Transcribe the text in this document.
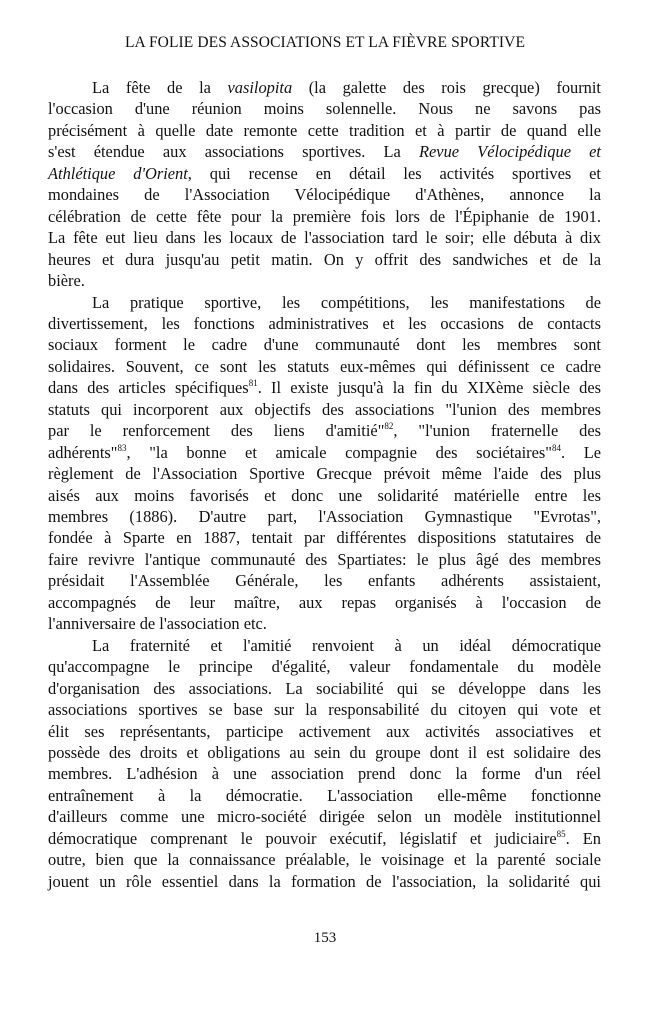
LA FOLIE DES ASSOCIATIONS ET LA FIÈVRE SPORTIVE
La fête de la vasilopita (la galette des rois grecque) fournit
l'occasion d'une réunion moins solennelle. Nous ne savons pas
précisément à quelle date remonte cette tradition et à partir de quand elle
s'est étendue aux associations sportives. La Revue Vélocipédique et
Athlétique d'Orient, qui recense en détail les activités sportives et
mondaines de l'Association Vélocipédique d'Athènes, annonce la
célébration de cette fête pour la première fois lors de l'Épiphanie de 1901.
La fête eut lieu dans les locaux de l'association tard le soir; elle débuta à dix
heures et dura jusqu'au petit matin. On y offrit des sandwiches et de la
bière.
La pratique sportive, les compétitions, les manifestations de
divertissement, les fonctions administratives et les occasions de contacts
sociaux forment le cadre d'une communauté dont les membres sont
solidaires. Souvent, ce sont les statuts eux-mêmes qui définissent ce cadre
dans des articles spécifiques$^{81}$. Il existe jusqu'à la fin du XIXème siècle des
statuts qui incorporent aux objectifs des associations "l'union des membres
par le renforcement des liens d'amitié"$^{82}$, "l'union fraternelle des
adhérents"$^{83}$, "la bonne et amicale compagnie des sociétaires"$^{84}$. Le
règlement de l'Association Sportive Grecque prévoit même l'aide des plus
aisés aux moins favorisés et donc une solidarité matérielle entre les
membres (1886). D'autre part, l'Association Gymnastique "Evrotas",
fondée à Sparte en 1887, tentait par différentes dispositions statutaires de
faire revivre l'antique communauté des Spartiates: le plus âgé des membres
présidait l'Assemblée Générale, les enfants adhérents assistaient,
accompagnés de leur maître, aux repas organisés à l'occasion de
l'anniversaire de l'association etc.
La fraternité et l'amitié renvoient à un idéal démocratique
qu'accompagne le principe d'égalité, valeur fondamentale du modèle
d'organisation des associations. La sociabilité qui se développe dans les
associations sportives se base sur la responsabilité du citoyen qui vote et
élit ses représentants, participe activement aux activités associatives et
possède des droits et obligations au sein du groupe dont il est solidaire des
membres. L'adhésion à une association prend donc la forme d'un réel
entraînement à la démocratie. L'association elle-même fonctionne
d'ailleurs comme une micro-société dirigée selon un modèle institutionnel
démocratique comprenant le pouvoir exécutif, législatif et judiciaire$^{85}$. En
outre, bien que la connaissance préalable, le voisinage et la parenté sociale
jouent un rôle essentiel dans la formation de l'association, la solidarité qui
153
